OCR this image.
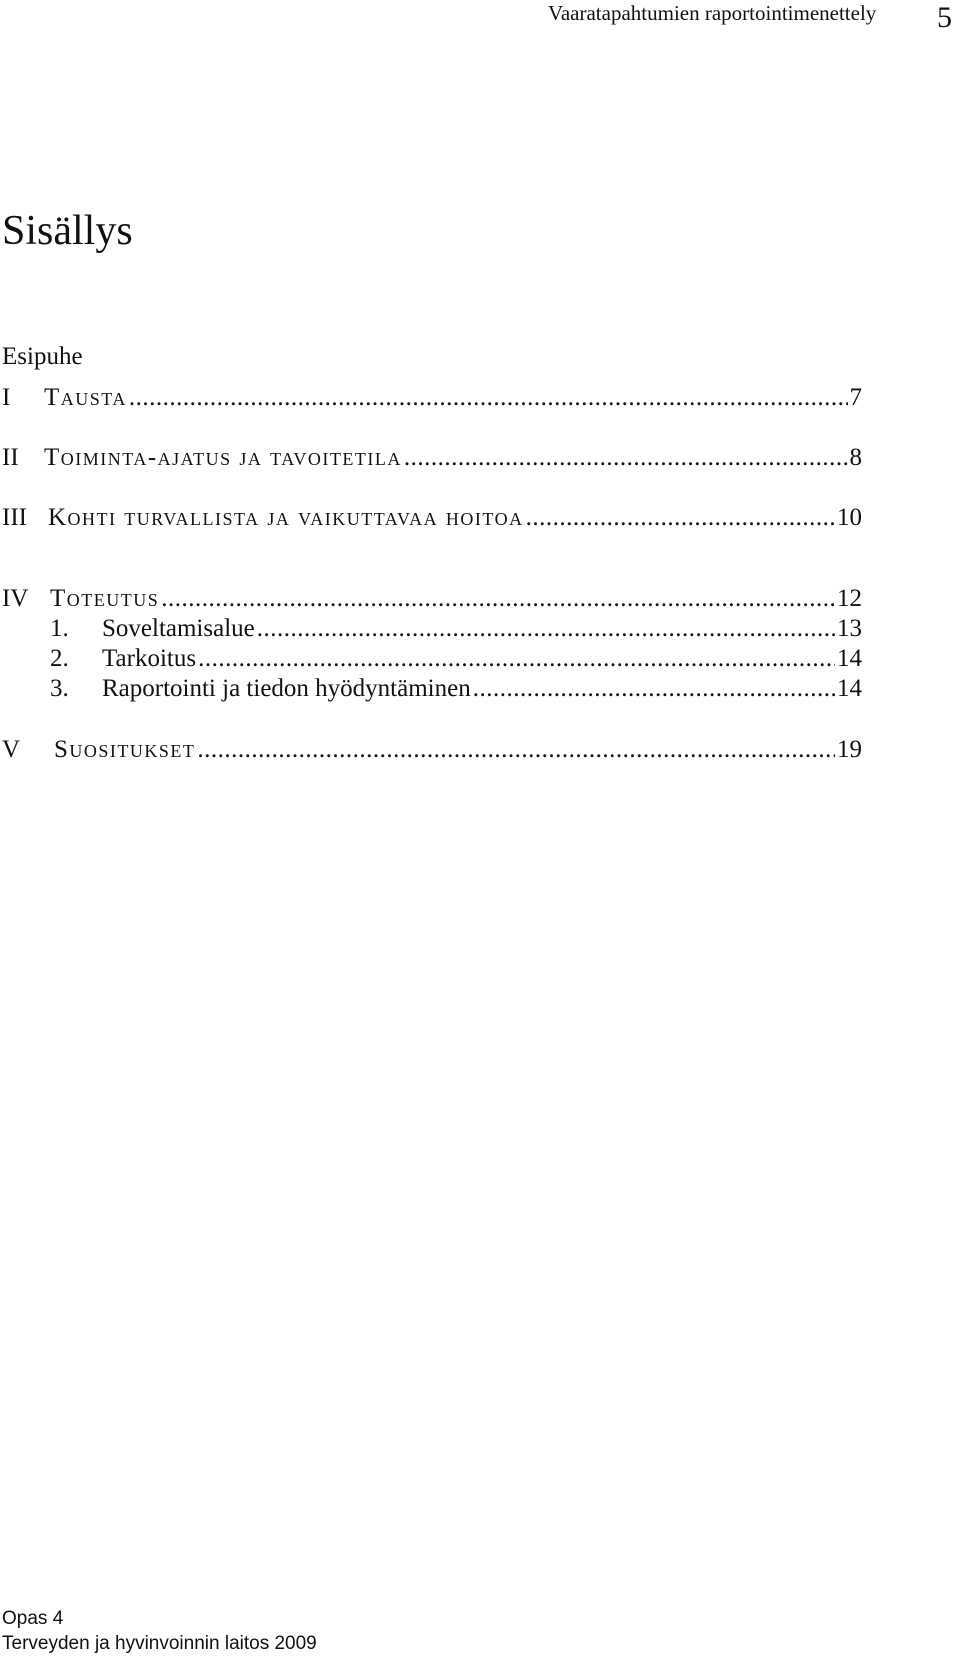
Vaaratapahtumien raportointimenettely 5
Sisällys
Esipuhe
I Tausta .....	7
II Toiminta-ajatus ja tavoitetila .....	8
III Kohti turvallista ja vaikuttavaa hoitoa .....	10
IV Toteutus .....	12
1. Soveltamisalue .....	13
2. Tarkoitus .....	14
3. Raportointi ja tiedon hyödyntäminen .....	14
V Suositukset .....	19
Opas 4
Terveyden ja hyvinvoinnin laitos 2009
